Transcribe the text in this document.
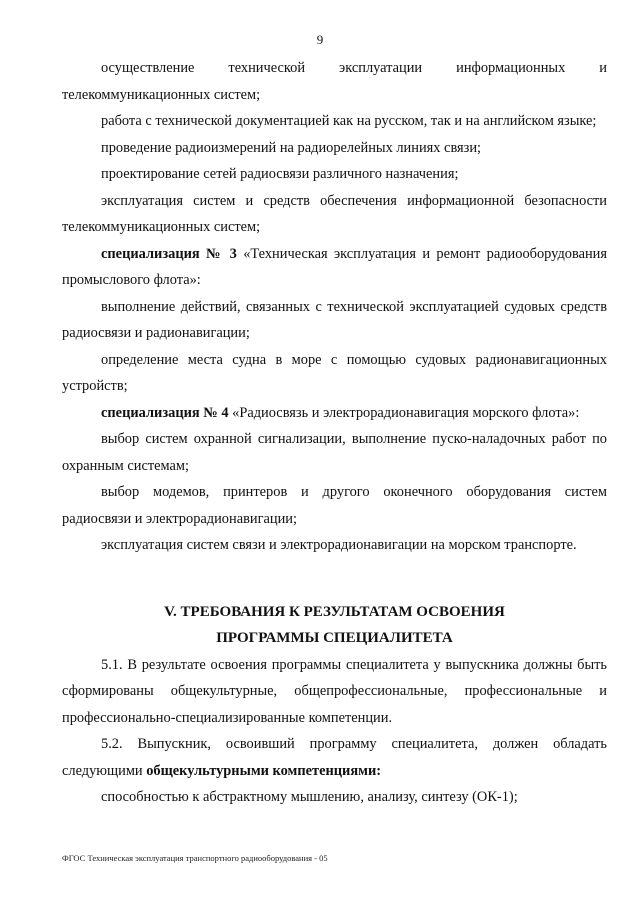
9

осуществление технической эксплуатации информационных и телекоммуникационных систем;

работа с технической документацией как на русском, так и на английском языке;

проведение радиоизмерений на радиорелейных линиях связи;

проектирование сетей радиосвязи различного назначения;

эксплуатация систем и средств обеспечения информационной безопасности телекоммуникационных систем;

специализация № 3 «Техническая эксплуатация и ремонт радиооборудования промыслового флота»:

выполнение действий, связанных с технической эксплуатацией судовых средств радиосвязи и радионавигации;

определение места судна в море с помощью судовых радионавигационных устройств;

специализация № 4 «Радиосвязь и электрорадионавигация морского флота»:

выбор систем охранной сигнализации, выполнение пуско-наладочных работ по охранным системам;

выбор модемов, принтеров и другого оконечного оборудования систем радиосвязи и электрорадионавигации;

эксплуатация систем связи и электрорадионавигации на морском транспорте.

V. ТРЕБОВАНИЯ К РЕЗУЛЬТАТАМ ОСВОЕНИЯ
ПРОГРАММЫ СПЕЦИАЛИТЕТА

5.1. В результате освоения программы специалитета у выпускника должны быть сформированы общекультурные, общепрофессиональные, профессиональные и профессионально-специализированные компетенции.

5.2. Выпускник, освоивший программу специалитета, должен обладать следующими общекультурными компетенциями:

способностью к абстрактному мышлению, анализу, синтезу (ОК-1);

ФГОС Техническая эксплуатация транспортного радиооборудования - 05
